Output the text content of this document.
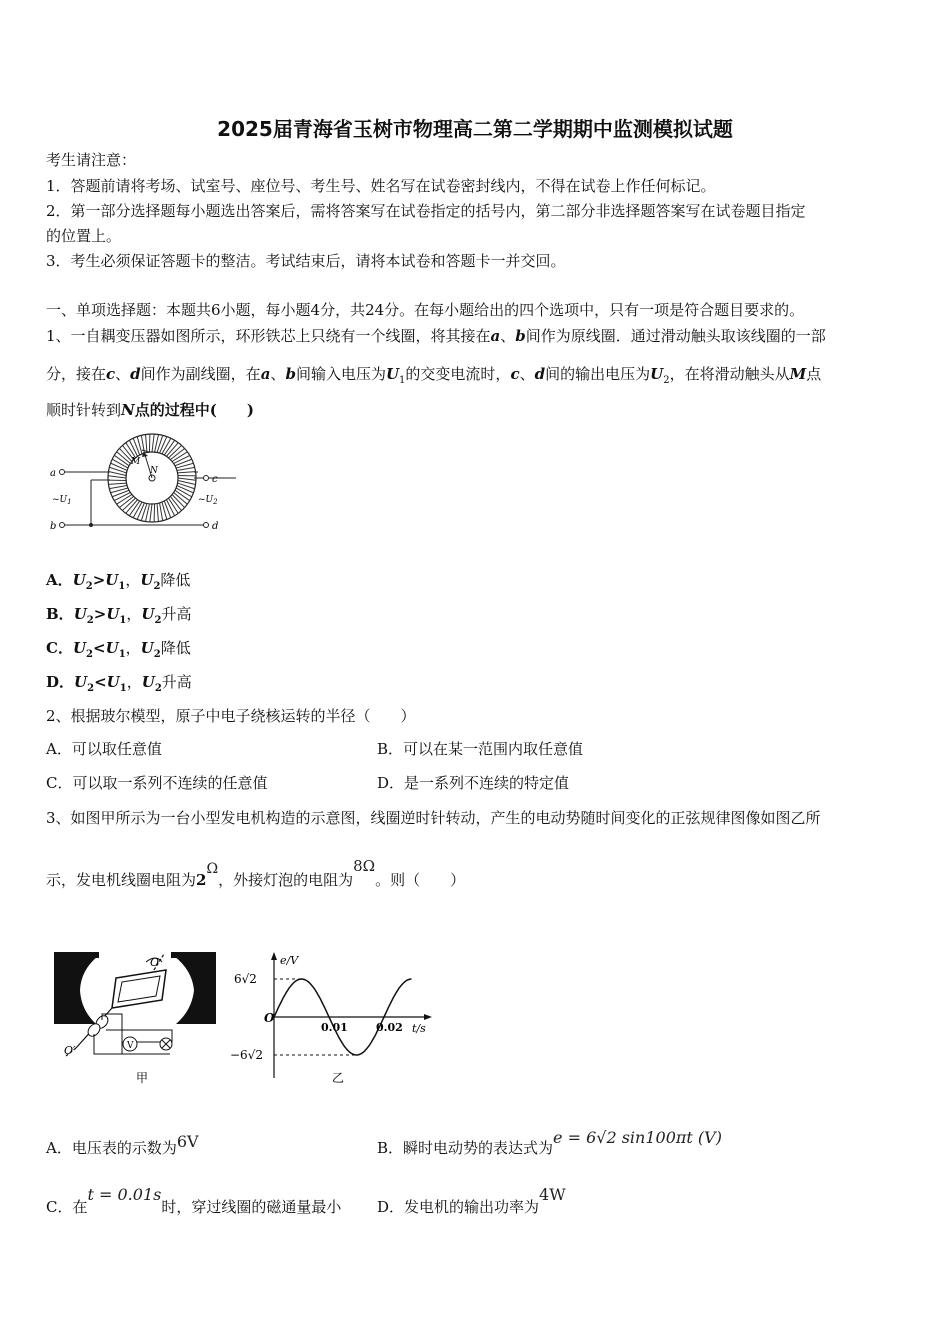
2025届青海省玉树市物理高二第二学期期中监测模拟试题
考生请注意：
1．答题前请将考场、试室号、座位号、考生号、姓名写在试卷密封线内，不得在试卷上作任何标记。
2．第一部分选择题每小题选出答案后，需将答案写在试卷指定的括号内，第二部分非选择题答案写在试卷题目指定
的位置上。
3．考生必须保证答题卡的整洁。考试结束后，请将本试卷和答题卡一并交回。
一、单项选择题：本题共6小题，每小题4分，共24分。在每小题给出的四个选项中，只有一项是符合题目要求的。
1、一自耦变压器如图所示，环形铁芯上只绕有一个线圈，将其接在a、b间作为原线圈．通过滑动触头取该线圈的一部
分，接在c、d间作为副线圈，在a、b间输入电压为$U_1$的交变电流时，c、d间的输出电压为$U_2$，在将滑动触头从M点
顺时针转到N点的过程中(　　)
M
N
a
b
c
d
$\sim U_1$	$\sim U_2$
A．$U_2>U_1$，$U_2$降低
B．$U_2>U_1$，$U_2$升高
C．$U_2<U_1$，$U_2$降低
D．$U_2<U_1$，$U_2$升高
2、根据玻尔模型，原子中电子绕核运转的半径（　　）
A．可以取任意值	B．可以在某一范围内取任意值
C．可以取一系列不连续的任意值	D．是一系列不连续的特定值
3、如图甲所示为一台小型发电机构造的示意图，线圈逆时针转动，产生的电动势随时间变化的正弦规律图像如图乙所
示，发电机线圈电阻为2Ω，外接灯泡的电阻为8Ω。则（　　）
O
O′	V
甲
e/V
t/s
O
6√2
−6√2
0.01	0.02
乙
A．电压表的示数为6V	B．瞬时电动势的表达式为e = 6√2 sin100πt (V)
C．在t = 0.01s时，穿过线圈的磁通量最小 D．发电机的输出功率为4W
